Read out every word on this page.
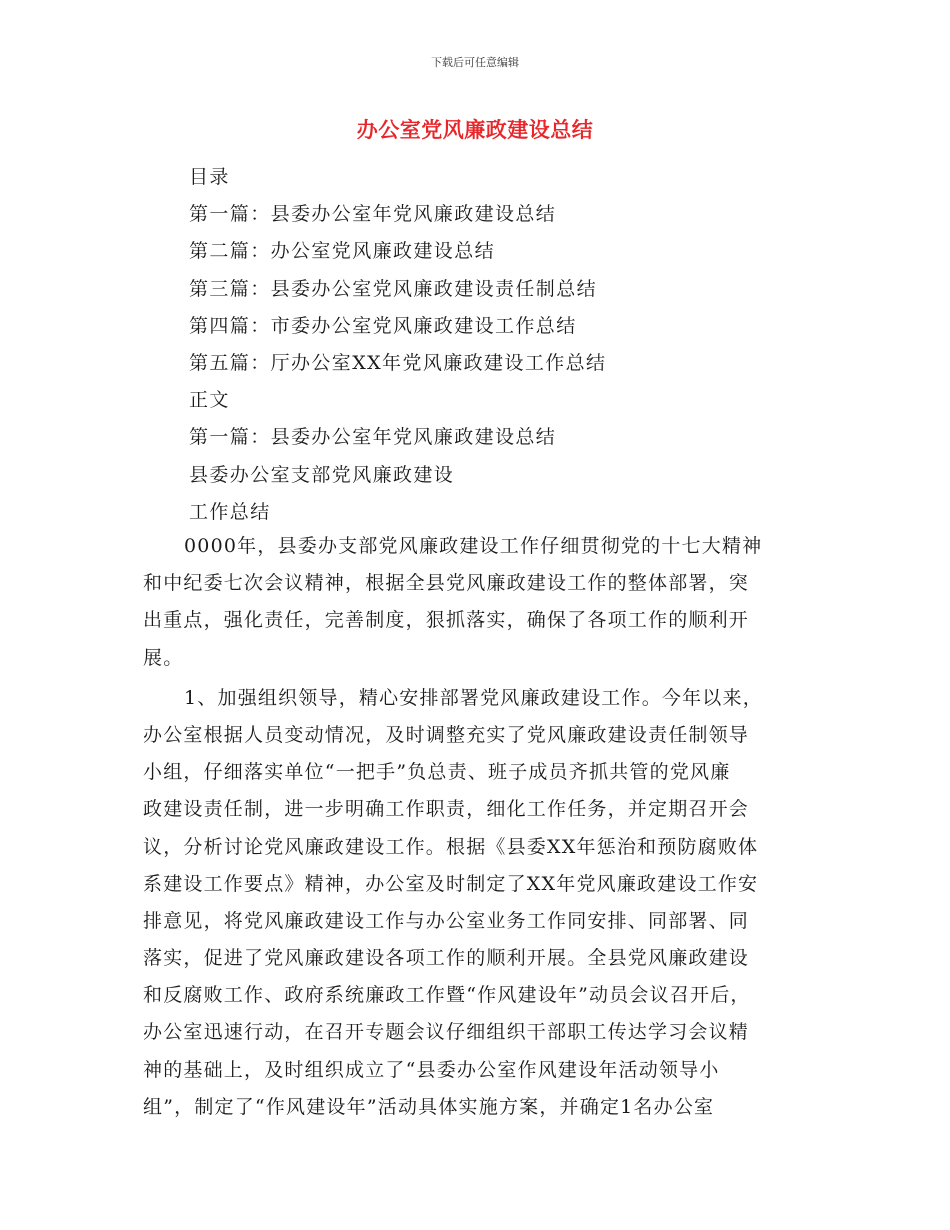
下载后可任意编辑
办公室党风廉政建设总结
目录
第一篇：县委办公室年党风廉政建设总结
第二篇：办公室党风廉政建设总结
第三篇：县委办公室党风廉政建设责任制总结
第四篇：市委办公室党风廉政建设工作总结
第五篇：厅办公室XX年党风廉政建设工作总结
正文
第一篇：县委办公室年党风廉政建设总结
县委办公室支部党风廉政建设
工作总结

0000年，县委办支部党风廉政建设工作仔细贯彻党的十七大精神
和中纪委七次会议精神，根据全县党风廉政建设工作的整体部署，突
出重点，强化责任，完善制度，狠抓落实，确保了各项工作的顺利开
展。

1、加强组织领导，精心安排部署党风廉政建设工作。今年以来，
办公室根据人员变动情况，及时调整充实了党风廉政建设责任制领导
小组，仔细落实单位“一把手”负总责、班子成员齐抓共管的党风廉
政建设责任制，进一步明确工作职责，细化工作任务，并定期召开会
议，分析讨论党风廉政建设工作。根据《县委XX年惩治和预防腐败体
系建设工作要点》精神，办公室及时制定了XX年党风廉政建设工作安
排意见，将党风廉政建设工作与办公室业务工作同安排、同部署、同
落实，促进了党风廉政建设各项工作的顺利开展。全县党风廉政建设
和反腐败工作、政府系统廉政工作暨“作风建设年”动员会议召开后，
办公室迅速行动，在召开专题会议仔细组织干部职工传达学习会议精
神的基础上，及时组织成立了“县委办公室作风建设年活动领导小
组”，制定了“作风建设年”活动具体实施方案，并确定1名办公室
